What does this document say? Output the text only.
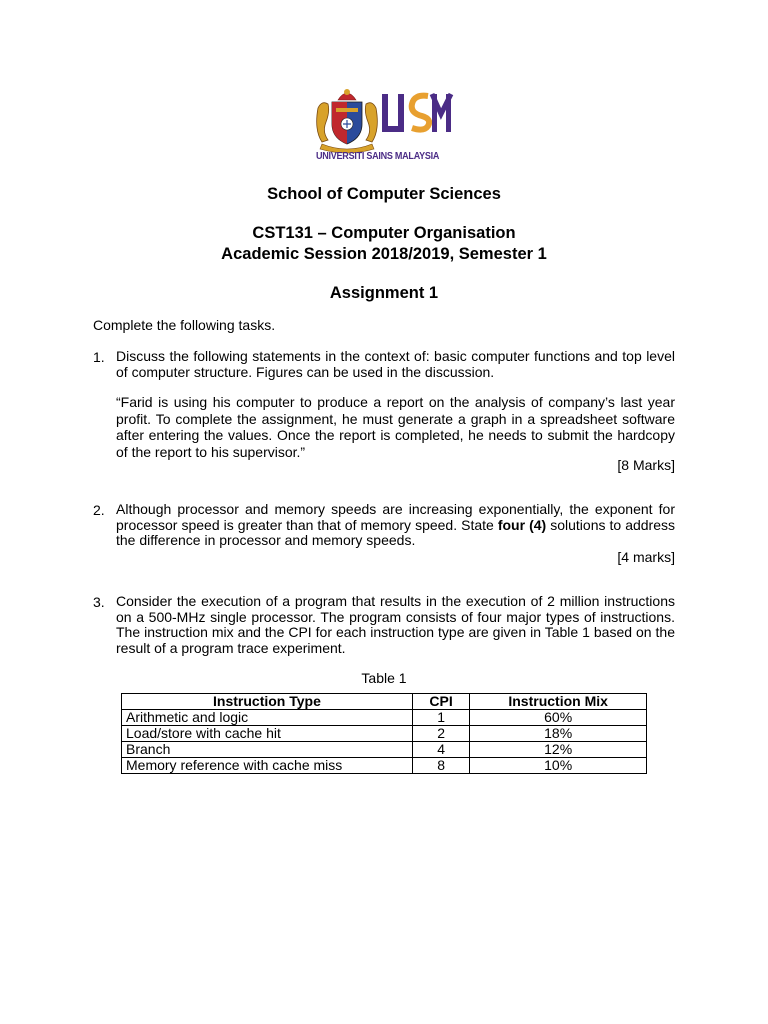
USM
UNIVERSITI SAINS MALAYSIA
School of Computer Sciences
CST131 – Computer Organisation
Academic Session 2018/2019, Semester 1
Assignment 1
Complete the following tasks.
1. Discuss the following statements in the context of: basic computer functions and top level of computer structure. Figures can be used in the discussion.
“Farid is using his computer to produce a report on the analysis of company’s last year profit. To complete the assignment, he must generate a graph in a spreadsheet software after entering the values. Once the report is completed, he needs to submit the hardcopy of the report to his supervisor.”
[8 Marks]
2. Although processor and memory speeds are increasing exponentially, the exponent for processor speed is greater than that of memory speed. State four (4) solutions to address the difference in processor and memory speeds.
[4 marks]
3. Consider the execution of a program that results in the execution of 2 million instructions on a 500-MHz single processor. The program consists of four major types of instructions. The instruction mix and the CPI for each instruction type are given in Table 1 based on the result of a program trace experiment.
Table 1
Instruction Type	CPI	Instruction Mix
Arithmetic and logic	1	60%
Load/store with cache hit	2	18%
Branch	4	12%
Memory reference with cache miss	8	10%
